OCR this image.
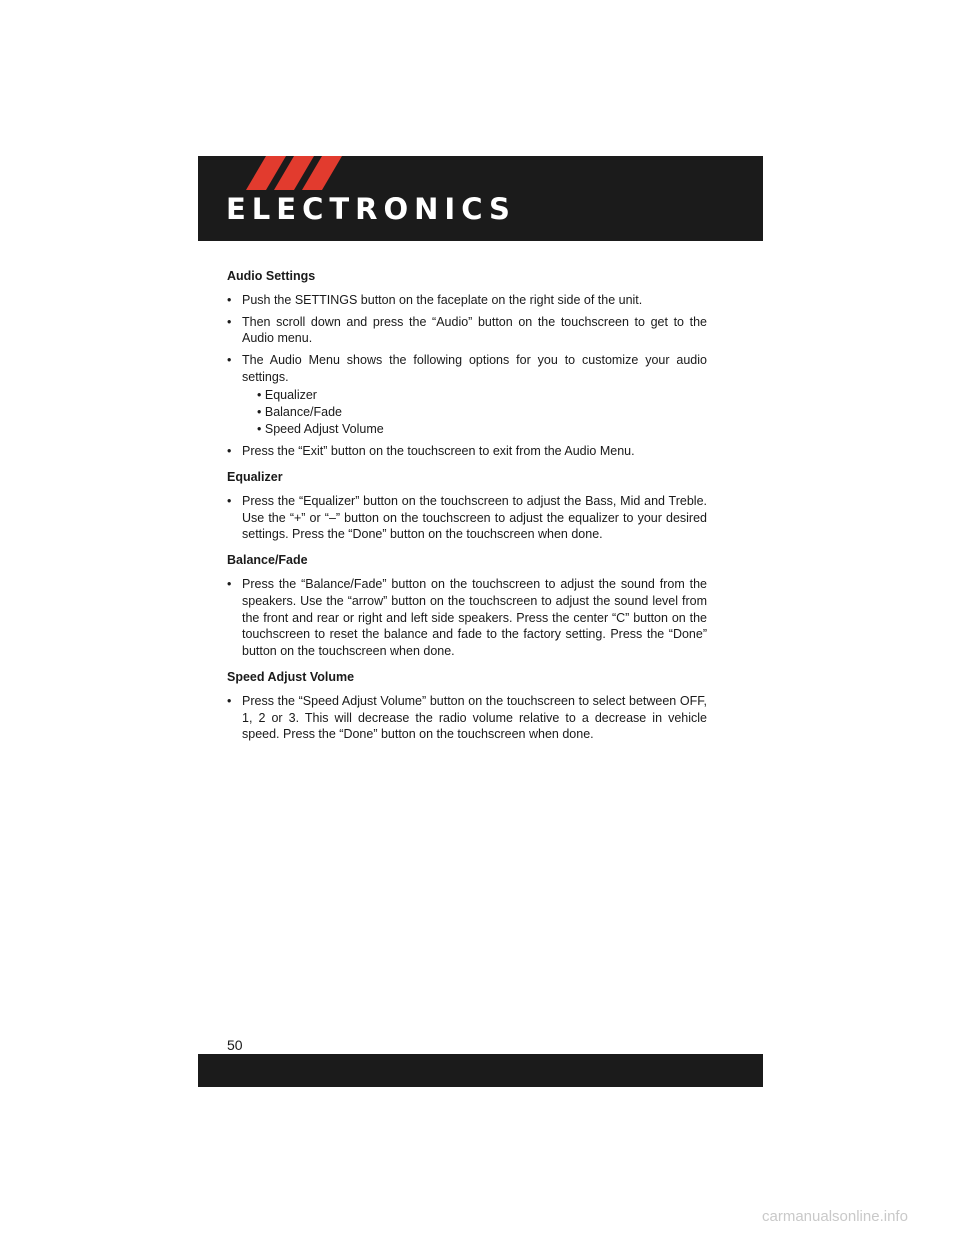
ELECTRONICS
Audio Settings
• Push the SETTINGS button on the faceplate on the right side of the unit.
• Then scroll down and press the “Audio” button on the touchscreen to get to the Audio menu.
• The Audio Menu shows the following options for you to customize your audio settings.
• Equalizer
• Balance/Fade
• Speed Adjust Volume
• Press the “Exit” button on the touchscreen to exit from the Audio Menu.
Equalizer
• Press the “Equalizer” button on the touchscreen to adjust the Bass, Mid and Treble. Use the “+” or “–” button on the touchscreen to adjust the equalizer to your desired settings. Press the “Done” button on the touchscreen when done.
Balance/Fade
• Press the “Balance/Fade” button on the touchscreen to adjust the sound from the speakers. Use the “arrow” button on the touchscreen to adjust the sound level from the front and rear or right and left side speakers. Press the center “C” button on the touchscreen to reset the balance and fade to the factory setting. Press the “Done” button on the touchscreen when done.
Speed Adjust Volume
• Press the “Speed Adjust Volume” button on the touchscreen to select between OFF, 1, 2 or 3. This will decrease the radio volume relative to a decrease in vehicle speed. Press the “Done” button on the touchscreen when done.
50
carmanualsonline.info
